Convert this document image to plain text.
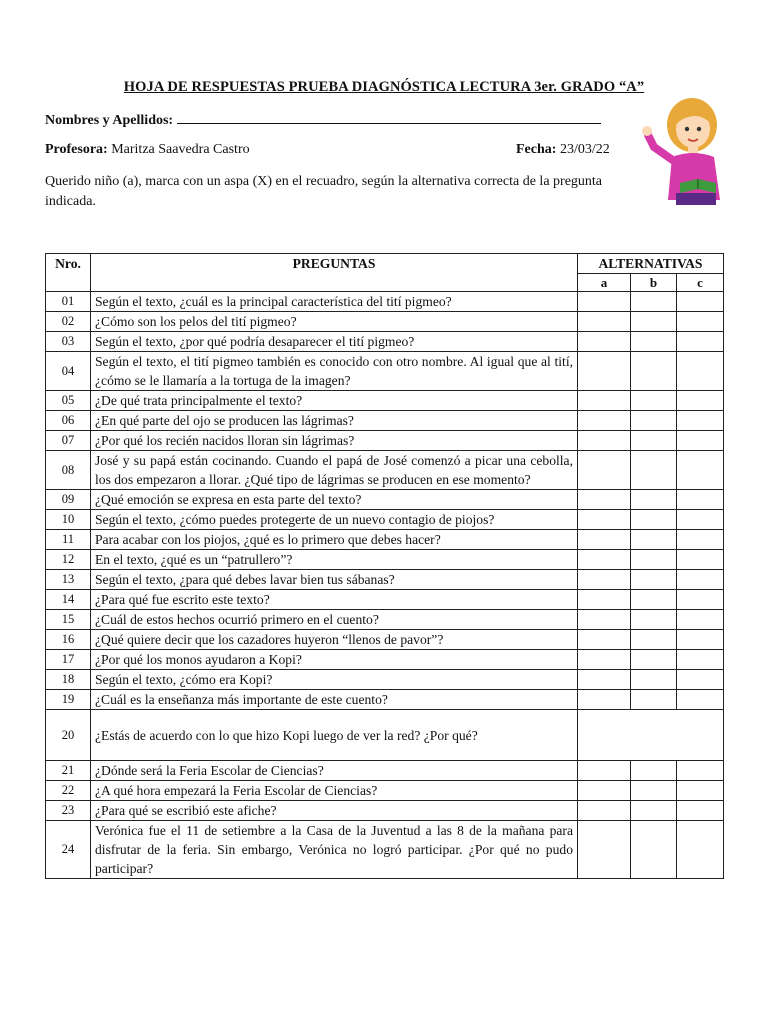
HOJA DE RESPUESTAS PRUEBA DIAGNÓSTICA LECTURA 3er. GRADO “A”
Nombres y Apellidos:
Profesora: Maritza Saavedra Castro	Fecha: 23/03/22
Querido niño (a), marca con un aspa (X) en el recuadro, según la alternativa correcta de la pregunta indicada.
Nro.	PREGUNTAS	ALTERNATIVAS		
		a	b	c
01	Según el texto, ¿cuál es la principal característica del tití pigmeo?			
02	¿Cómo son los pelos del tití pigmeo?			
03	Según el texto, ¿por qué podría desaparecer el tití pigmeo?			
04	Según el texto, el tití pigmeo también es conocido con otro nombre. Al igual que al tití, ¿cómo se le llamaría a la tortuga de la imagen?			
05	¿De qué trata principalmente el texto?			
06	¿En qué parte del ojo se producen las lágrimas?			
07	¿Por qué los recién nacidos lloran sin lágrimas?			
08	José y su papá están cocinando. Cuando el papá de José comenzó a picar una cebolla, los dos empezaron a llorar. ¿Qué tipo de lágrimas se producen en ese momento?			
09	¿Qué emoción se expresa en esta parte del texto?			
10	Según el texto, ¿cómo puedes protegerte de un nuevo contagio de piojos?			
11	Para acabar con los piojos, ¿qué es lo primero que debes hacer?			
12	En el texto, ¿qué es un “patrullero”?			
13	Según el texto, ¿para qué debes lavar bien tus sábanas?			
14	¿Para qué fue escrito este texto?			
15	¿Cuál de estos hechos ocurrió primero en el cuento?			
16	¿Qué quiere decir que los cazadores huyeron “llenos de pavor”?			
17	¿Por qué los monos ayudaron a Kopi?			
18	Según el texto, ¿cómo era Kopi?			
19	¿Cuál es la enseñanza más importante de este cuento?			
20	¿Estás de acuerdo con lo que hizo Kopi luego de ver la red? ¿Por qué?			
21	¿Dónde será la Feria Escolar de Ciencias?			
22	¿A qué hora empezará la Feria Escolar de Ciencias?			
23	¿Para qué se escribió este afiche?			
24	Verónica fue el 11 de setiembre a la Casa de la Juventud a las 8 de la mañana para disfrutar de la feria. Sin embargo, Verónica no logró participar. ¿Por qué no pudo participar?			
